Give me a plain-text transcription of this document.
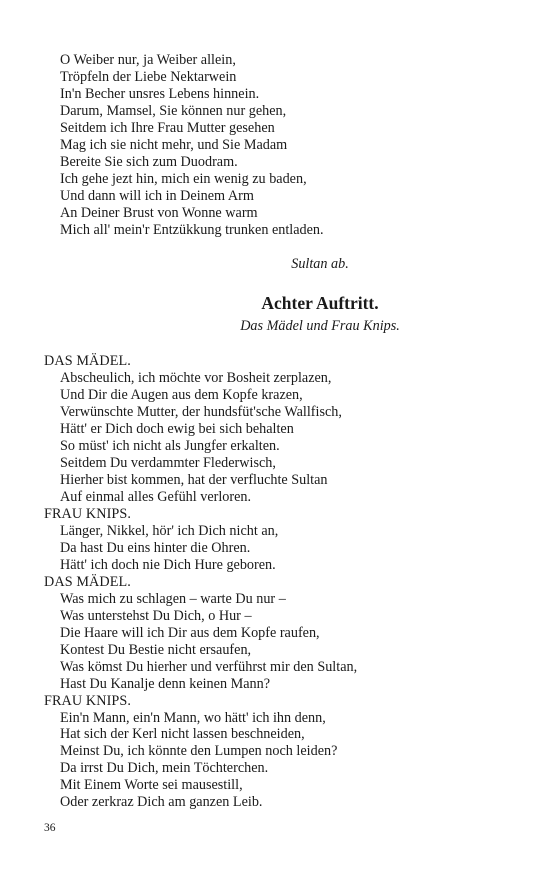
O Weiber nur, ja Weiber allein,
Tröpfeln der Liebe Nektarwein
In'n Becher unsres Lebens hinnein.
Darum, Mamsel, Sie können nur gehen,
Seitdem ich Ihre Frau Mutter gesehen
Mag ich sie nicht mehr, und Sie Madam
Bereite Sie sich zum Duodram.
Ich gehe jezt hin, mich ein wenig zu baden,
Und dann will ich in Deinem Arm
An Deiner Brust von Wonne warm
Mich all' mein'r Entzükkung trunken entladen.
Sultan ab.
Achter Auftritt.
Das Mädel und Frau Knips.
DAS MÄDEL.
Abscheulich, ich möchte vor Bosheit zerplazen,
Und Dir die Augen aus dem Kopfe krazen,
Verwünschte Mutter, der hundsfüt'sche Wallfisch,
Hätt' er Dich doch ewig bei sich behalten
So müst' ich nicht als Jungfer erkalten.
Seitdem Du verdammter Flederwisch,
Hierher bist kommen, hat der verfluchte Sultan
Auf einmal alles Gefühl verloren.
FRAU KNIPS.
Länger, Nikkel, hör' ich Dich nicht an,
Da hast Du eins hinter die Ohren.
Hätt' ich doch nie Dich Hure geboren.
DAS MÄDEL.
Was mich zu schlagen – warte Du nur –
Was unterstehst Du Dich, o Hur –
Die Haare will ich Dir aus dem Kopfe raufen,
Kontest Du Bestie nicht ersaufen,
Was kömst Du hierher und verführst mir den Sultan,
Hast Du Kanalje denn keinen Mann?
FRAU KNIPS.
Ein'n Mann, ein'n Mann, wo hätt' ich ihn denn,
Hat sich der Kerl nicht lassen beschneiden,
Meinst Du, ich könnte den Lumpen noch leiden?
Da irrst Du Dich, mein Töchterchen.
Mit Einem Worte sei mausestill,
Oder zerkraz Dich am ganzen Leib.
36
